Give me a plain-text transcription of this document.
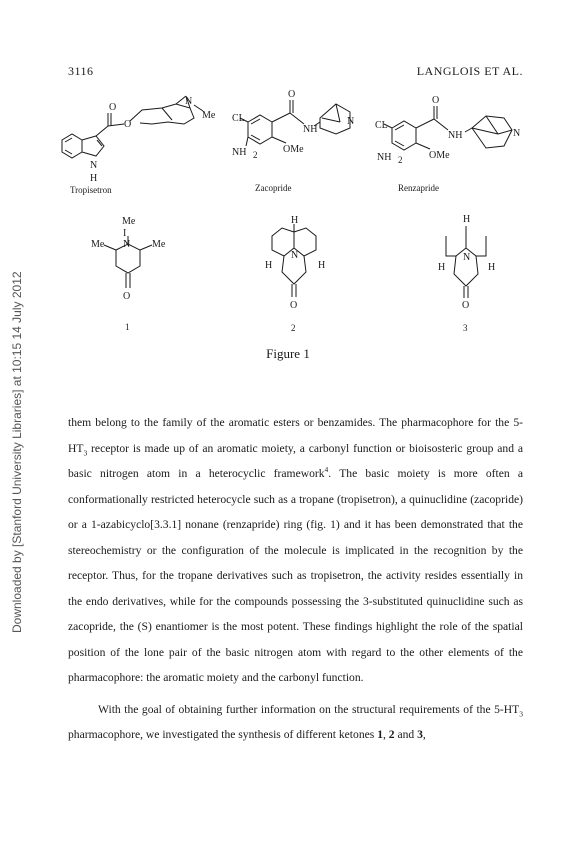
3116	LANGLOIS ET AL.
Downloaded by [Stanford University Libraries] at 10:15 14 July 2012
O
O
N
Me
N
H
Tropisetron
O
CL
NH
N
NH 2	OMe
Zacopride
O
CL
NH	N
NH 2	OMe
Renzapride
Me
I
N
Me	Me
O
1
H
N
H	H
O
2
H
N
H	H
O
3
Figure 1

them belong to the family of the aromatic esters or benzamides. The pharmacophore for the $5-HT_3$ receptor is made up of an aromatic moiety, a carbonyl function or bioisosteric group and a basic nitrogen atom in a heterocyclic framework$^4$. The basic moiety is more often a conformationally restricted heterocycle such as a tropane (tropisetron), a quinuclidine (zacopride) or a 1-azabicyclo[3.3.1] nonane (renzapride) ring (fig. 1) and it has been demonstrated that the stereochemistry or the configuration of the molecule is implicated in the recognition by the receptor. Thus, for the tropane derivatives such as tropisetron, the activity resides essentially in the endo derivatives, while for the compounds possessing the 3-substituted quinuclidine such as zacopride, the (S) enantiomer is the most potent. These findings highlight the role of the spatial position of the lone pair of the basic nitrogen atom with regard to the other elements of the pharmacophore: the aromatic moiety and the carbonyl function.

With the goal of obtaining further information on the structural requirements of the $5-HT_3$ pharmacophore, we investigated the synthesis of different ketones 1, 2 and 3,
